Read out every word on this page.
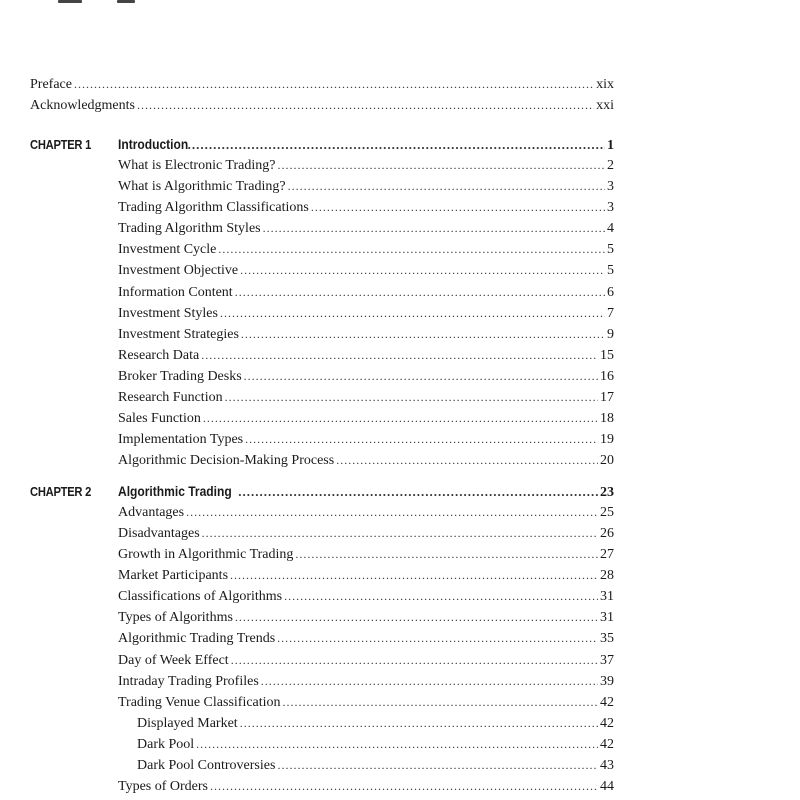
Preface .....	xix
Acknowledgments .....	xxi
CHAPTER 1	Introduction .....	1
What is Electronic Trading? .....	2
What is Algorithmic Trading? .....	3
Trading Algorithm Classifications .....	3
Trading Algorithm Styles .....	4
Investment Cycle .....	5
Investment Objective .....	5
Information Content .....	6
Investment Styles .....	7
Investment Strategies .....	9
Research Data .....	15
Broker Trading Desks .....	16
Research Function .....	17
Sales Function .....	18
Implementation Types .....	19
Algorithmic Decision-Making Process .....	20
CHAPTER 2	Algorithmic Trading .....	23
Advantages .....	25
Disadvantages .....	26
Growth in Algorithmic Trading .....	27
Market Participants .....	28
Classifications of Algorithms .....	31
Types of Algorithms .....	31
Algorithmic Trading Trends .....	35
Day of Week Effect .....	37
Intraday Trading Profiles .....	39
Trading Venue Classification .....	42
Displayed Market .....	42
Dark Pool .....	42
Dark Pool Controversies .....	43
Types of Orders .....	44
